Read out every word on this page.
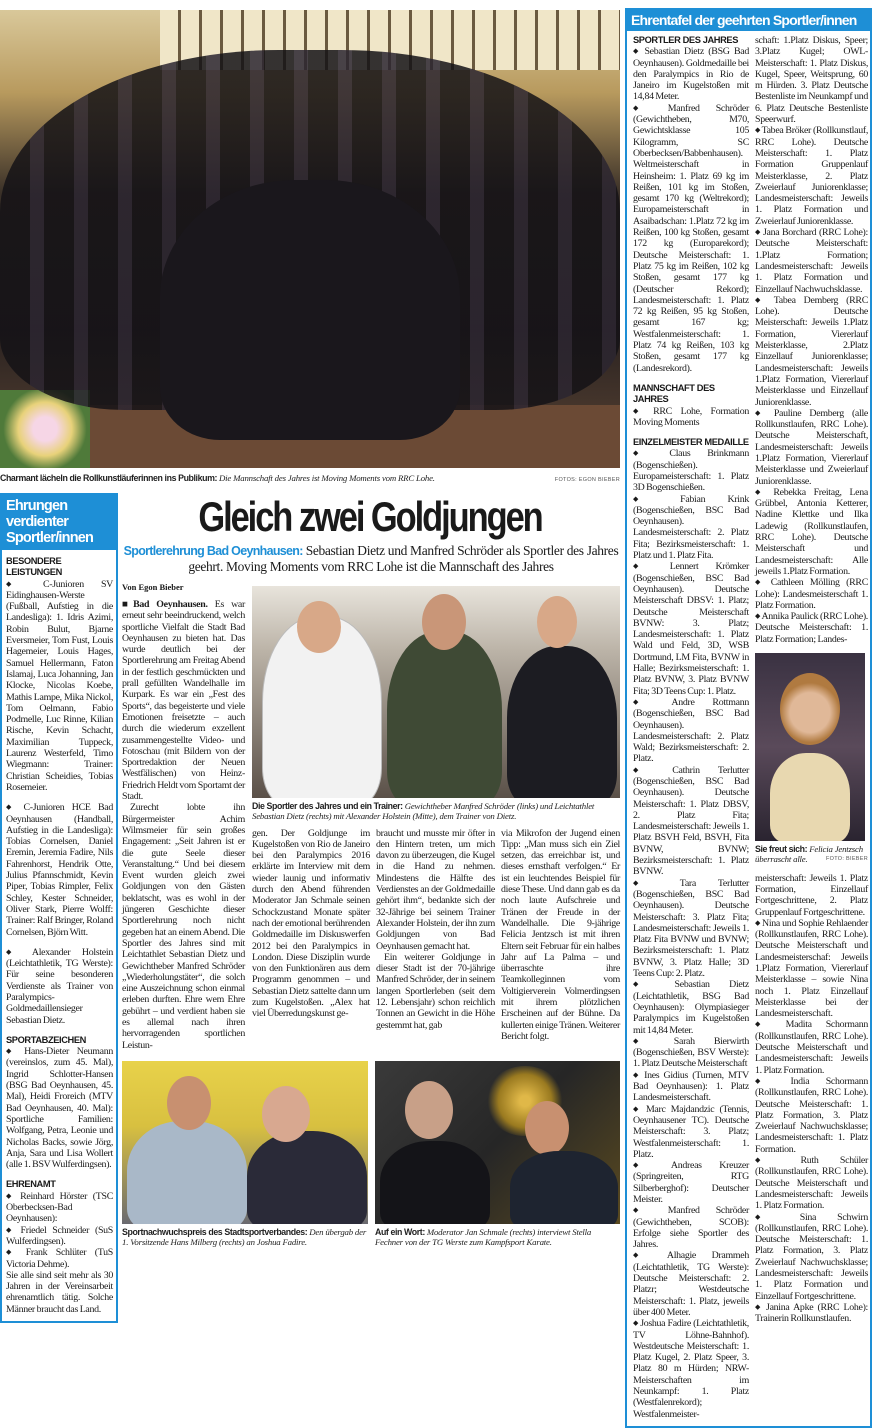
Charmant lächeln die Rollkunstläuferinnen ins Publikum: Die Mannschaft des Jahres ist Moving Moments vom RRC Lohe.	FOTOS: EGON BIEBER
Ehrungen verdienter Sportler/innen
BESONDERE LEISTUNGEN

◆ C-Junioren SV Eidinghausen-Werste (Fußball, Aufstieg in die Landesliga): 1. Idris Azimi, Robin Bulut, Bjarne Eversmeier, Tom Fust, Louis Hagemeier, Louis Hages, Samuel Hellermann, Faton Islamaj, Luca Johanning, Jan Klocke, Nicolas Koebe, Mathis Lampe, Mika Nickol, Tom Oelmann, Fabio Podmelle, Luc Rinne, Kilian Rische, Kevin Schacht, Maximilian Tuppeck, Laurenz Westerfeld, Timo Wiegmann: Trainer: Christian Scheidies, Tobias Rosemeier.

◆ C-Junioren HCE Bad Oeynhausen (Handball, Aufstieg in die Landesliga): Tobias Cornelsen, Daniel Eremin, Jeremia Fadire, Nils Fahrenhorst, Hendrik Otte, Julius Pfannschmidt, Kevin Piper, Tobias Rimpler, Felix Schley, Kester Schneider, Oliver Stark, Pierre Wolff: Trainer: Ralf Bringer, Roland Cornelsen, Björn Witt.

◆ Alexander Holstein (Leichtathletik, TG Werste): Für seine besonderen Verdienste als Trainer von Paralympics-Goldmedaillensieger Sebastian Dietz.

SPORTABZEICHEN

◆ Hans-Dieter Neumann (vereinslos, zum 45. Mal), Ingrid Schlotter-Hansen (BSG Bad Oeynhausen, 45. Mal), Heidi Froreich (MTV Bad Oeynhausen, 40. Mal): Sportliche Familien: Wolfgang, Petra, Leonie und Nicholas Backs, sowie Jörg, Anja, Sara und Lisa Wollert (alle 1. BSV Wulferdingsen).

EHRENAMT

◆ Reinhard Hörster (TSC Oberbecksen-Bad Oeynhausen):

◆ Friedel Schneider (SuS Wulferdingsen).

◆ Frank Schlüter (TuS Victoria Dehme).

Sie alle sind seit mehr als 30 Jahren in der Vereinsarbeit ehrenamtlich tätig. Solche Männer braucht das Land.

Gleich zwei Goldjungen
Sportlerehrung Bad Oeynhausen: Sebastian Dietz und Manfred Schröder als Sportler des Jahres geehrt. Moving Moments vom RRC Lohe ist die Mannschaft des Jahres
Von Egon Bieber

■Bad Oeynhausen. Es war erneut sehr beeindruckend, welch sportliche Vielfalt die Stadt Bad Oeynhausen zu bieten hat. Das wurde deutlich bei der Sportlerehrung am Freitag Abend in der festlich geschmückten und prall gefüllten Wandelhalle im Kurpark. Es war ein „Fest des Sports“, das begeisterte und viele Emotionen freisetzte – auch durch die wiederum exzellent zusammengestellte Video- und Fotoschau (mit Bildern von der Sportredaktion der Neuen Westfälischen) von Heinz-Friedrich Heldt vom Sportamt der Stadt.

Zurecht lobte ihn Bürgermeister Achim Wilmsmeier für sein großes Engagement: „Seit Jahren ist er die gute Seele dieser Veranstaltung.“ Und bei diesem Event wurden gleich zwei Goldjungen von den Gästen beklatscht, was es wohl in der jüngeren Geschichte dieser Sportlerehrung noch nicht gegeben hat an einem Abend. Die Sportler des Jahres sind mit Leichtathlet Sebastian Dietz und Gewichtheber Manfred Schröder „Wiederholungstäter“, die solch eine Auszeichnung schon einmal erleben durften. Ehre wem Ehre gebührt – und verdient haben sie es allemal nach ihren hervorragenden sportlichen Leistun-

Die Sportler des Jahres und ein Trainer: Gewichtheber Manfred Schröder (links) und Leichtathlet Sebastian Dietz (rechts) mit Alexander Holstein (Mitte), dem Trainer von Dietz.

gen. Der Goldjunge im Kugelstoßen von Rio de Janeiro bei den Paralympics 2016 erklärte im Interview mit dem wieder launig und informativ durch den Abend führenden Moderator Jan Schmale seinen Schockzustand Monate später nach der emotional berührenden Goldmedaille im Diskuswerfen 2012 bei den Paralympics in London. Diese Disziplin wurde von den Funktionären aus dem Programm genommen – und Sebastian Dietz sattelte dann um zum Kugelstoßen. „Alex hat viel Überredungskunst ge-

braucht und musste mir öfter in den Hintern treten, um mich davon zu überzeugen, die Kugel in die Hand zu nehmen. Mindestens die Hälfte des Verdienstes an der Goldmedaille gehört ihm“, bedankte sich der 32-Jährige bei seinem Trainer Alexander Holstein, der ihn zum Goldjungen von Bad Oeynhausen gemacht hat.

Ein weiterer Goldjunge in dieser Stadt ist der 70-jährige Manfred Schröder, der in seinem langen Sportlerleben (seit dem 12. Lebensjahr) schon reichlich Tonnen an Gewicht in die Höhe gestemmt hat, gab

via Mikrofon der Jugend einen Tipp: „Man muss sich ein Ziel setzen, das erreichbar ist, und dieses ernsthaft verfolgen.“ Er ist ein leuchtendes Beispiel für diese These. Und dann gab es da noch laute Aufschreie und Tränen der Freude in der Wandelhalle. Die 9-jährige Felicia Jentzsch ist mit ihren Eltern seit Februar für ein halbes Jahr auf La Palma – und überraschte ihre Teamkolleginnen vom Voltigierverein Volmerdingsen mit ihrem plötzlichen Erscheinen auf der Bühne. Da kullerten einige Tränen. Weiterer Bericht folgt.

Sportnachwuchspreis des Stadtsportverbandes: Den übergab der 1. Vorsitzende Hans Milberg (rechts) an Joshua Fadire.
Auf ein Wort: Moderator Jan Schmale (rechts) interviewt Stella Fechner von der TG Werste zum Kampfsport Karate.
Ehrentafel der geehrten Sportler/innen
SPORTLER DES JAHRES

◆ Sebastian Dietz (BSG Bad Oeynhausen). Goldmedaille bei den Paralympics in Rio de Janeiro im Kugelstoßen mit 14,84 Meter.

◆ Manfred Schröder (Gewichtheben, M70, Gewichtsklasse 105 Kilogramm, SC Oberbecksen/Babbenhausen). Weltmeisterschaft in Heinsheim: 1. Platz 69 kg im Reißen, 101 kg im Stoßen, gesamt 170 kg (Weltrekord); Europameisterschaft in Asaibadschan: 1.Platz 72 kg im Reißen, 100 kg Stoßen, gesamt 172 kg (Europarekord); Deutsche Meisterschaft: 1. Platz 75 kg im Reißen, 102 kg Stoßen, gesamt 177 kg (Deutscher Rekord); Landesmeisterschaft: 1. Platz 72 kg Reißen, 95 kg Stoßen, gesamt 167 kg; Westfalenmeisterschaft: 1. Platz 74 kg Reißen, 103 kg Stoßen, gesamt 177 kg (Landesrekord).

MANNSCHAFT DES JAHRES

◆ RRC Lohe, Formation Moving Moments

EINZELMEISTER MEDAILLE

◆ Claus Brinkmann (Bogenschießen). Europameisterschaft: 1. Platz 3D Bogenschießen.

◆ Fabian Krink (Bogenschießen, BSC Bad Oeynhausen). Landesmeisterschaft: 2. Platz Fita; Bezirksmeisterschaft: 1. Platz und 1. Platz Fita.

◆ Lennert Krömker (Bogenschießen, BSC Bad Oeynhausen). Deutsche Meisterschaft DBSV: 1. Platz; Deutsche Meisterschaft BVNW: 3. Platz; Landesmeisterschaft: 1. Platz Wald und Feld, 3D, WSB Dortmund, LM Fita, BVNW in Halle; Bezirksmeisterschaft: 1. Platz BVNW, 3. Platz BVNW Fita; 3D Teens Cup: 1. Platz.

◆ Andre Rottmann (Bogenschießen, BSC Bad Oeynhausen). Landesmeisterschaft: 2. Platz Wald; Bezirksmeisterschaft: 2. Platz.

◆ Cathrin Terlutter (Bogenschießen, BSC Bad Oeynhausen). Deutsche Meisterschaft: 1. Platz DBSV, 2. Platz Fita; Landesmeisterschaft: Jeweils 1. Platz BSVH Feld, BSVH, Fita BVNW, BVNW; Bezirksmeisterschaft: 1. Platz BVNW.

◆ Tara Terlutter (Bogenschießen, BSC Bad Oeynhausen). Deutsche Meisterschaft: 3. Platz Fita; Landesmeisterschaft: Jeweils 1. Platz Fita BVNW und BVNW; Bezirksmeisterschaft: 1. Platz BVNW, 3. Platz Halle; 3D Teens Cup: 2. Platz.

◆ Sebastian Dietz (Leichtathletik, BSG Bad Oeynhausen): Olympiasieger Paralympics im Kugelstoßen mit 14,84 Meter.

◆ Sarah Bierwirth (Bogenschießen, BSV Werste): 1. Platz Deutsche Meisterschaft

◆ Ines Gidius (Turnen, MTV Bad Oeynhausen): 1. Platz Landesmeisterschaft.

◆ Marc Majdandzic (Tennis, Oeynhausener TC). Deutsche Meisterschaft: 3. Platz; Westfalenmeisterschaft: 1. Platz.

◆ Andreas Kreuzer (Springreiten, RTG Silberberghof): Deutscher Meister.

◆ Manfred Schröder (Gewichtheben, SCOB): Erfolge siehe Sportler des Jahres.

◆ Alhagie Drammeh (Leichtathletik, TG Werste): Deutsche Meisterschaft: 2. Platzr; Westdeutsche Meisterschaft: 1. Platz, jeweils über 400 Meter.

◆ Joshua Fadire (Leichtathletik, TV Löhne-Bahnhof). Westdeutsche Meisterschaft: 1. Platz Kugel, 2. Platz Speer, 3. Platz 80 m Hürden; NRW-Meisterschaften im Neunkampf: 1. Platz (Westfalenrekord); Westfalenmeister-

schaft: 1.Platz Diskus, Speer; 3.Platz Kugel; OWL-Meisterschaft: 1. Platz Diskus, Kugel, Speer, Weitsprung, 60 m Hürden. 3. Platz Deutsche Bestenliste im Neunkampf und 6. Platz Deutsche Bestenliste Speerwurf.

◆ Tabea Bröker (Rollkunstlauf, RRC Lohe). Deutsche Meisterschaft: 1. Platz Formation Gruppenlauf Meisterklasse, 2. Platz Zweierlauf Juniorenklasse; Landesmeisterschaft: Jeweils 1. Platz Formation und Zweierlauf Juniorenklasse.

◆ Jana Borchard (RRC Lohe): Deutsche Meisterschaft: 1.Platz Formation; Landesmeisterschaft: Jeweils 1. Platz Formation und Einzellauf Nachwuchsklasse.

◆ Tabea Demberg (RRC Lohe). Deutsche Meisterschaft: Jeweils 1.Platz Formation, Viererlauf Meisterklasse, 2.Platz Einzellauf Juniorenklasse; Landesmeisterschaft: Jeweils 1.Platz Formation, Viererlauf Meisterklasse und Einzellauf Juniorenklasse.

◆ Pauline Demberg (alle Rollkunstlaufen, RRC Lohe). Deutsche Meisterschaft, Landesmeisterschaft: Jeweils 1.Platz Formation, Viererlauf Meisterklasse und Zweierlauf Juniorenklasse.

◆ Rebekka Freitag, Lena Grübbel, Antonia Ketterer, Nadine Klettke und Ilka Ladewig (Rollkunstlaufen, RRC Lohe). Deutsche Meisterschaft und Landesmeisterschaft: Alle jeweils 1.Platz Formation.

◆ Cathleen Mölling (RRC Lohe): Landesmeisterschaft 1. Platz Formation.

◆ Annika Paulick (RRC Lohe). Deutsche Meisterschaft: 1. Platz Formation; Landes-

Sie freut sich: Felicia Jentzsch überrascht alle.	FOTO: BIEBER

meisterschaft: Jeweils 1. Platz Formation, Einzellauf Fortgeschrittene, 2. Platz Gruppenlauf Fortgeschrittene.

◆ Nina und Sophie Rehlaender (Rollkunstlaufen, RRC Lohe). Deutsche Meisterschaft und Landesmeisterschaf: Jeweils 1.Platz Formation, Viererlauf Meisterklasse – sowie Nina noch 1. Platz Einzellauf Meisterklasse bei der Landesmeisterschaft.

◆ Madita Schormann (Rollkunstlaufen, RRC Lohe). Deutsche Meisterschaft und Landesmeisterschaft: Jeweils 1. Platz Formation.

◆ India Schormann (Rollkunstlaufen, RRC Lohe). Deutsche Meisterschaft: 1. Platz Formation, 3. Platz Zweierlauf Nachwuchsklasse; Landesmeisterschaft: 1. Platz Formation.

◆ Ruth Schüler (Rollkunstlaufen, RRC Lohe). Deutsche Meisterschaft und Landesmeisterschaft: Jeweils 1. Platz Formation.

◆ Sina Schwirn (Rollkunstlaufen, RRC Lohe). Deutsche Meisterschaft: 1. Platz Formation, 3. Platz Zweierlauf Nachwuchsklasse; Landesmeisterschaft: Jeweils 1. Platz Formation und Einzellauf Fortgeschrittene.

◆ Janina Apke (RRC Lohe): Trainerin Rollkunstlaufen.
